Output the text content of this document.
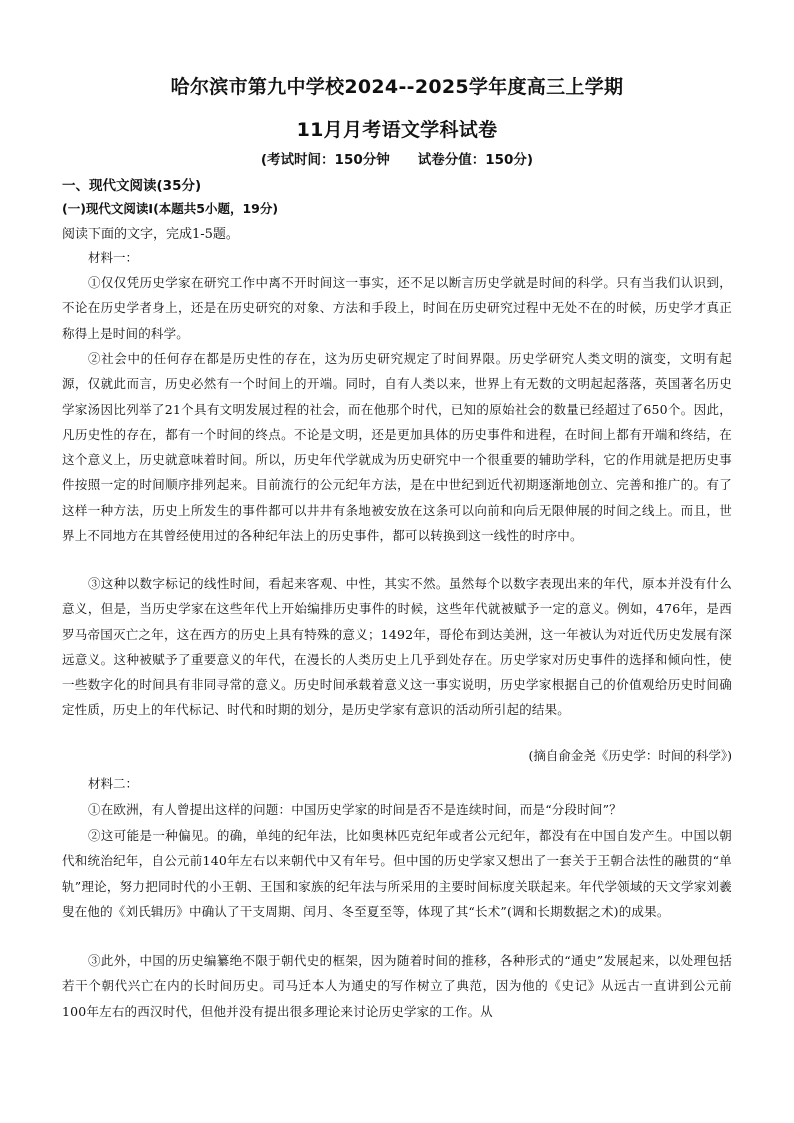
哈尔滨市第九中学校2024--2025学年度高三上学期
11月月考语文学科试卷
(考试时间：150分钟 试卷分值：150分)
一、现代文阅读(35分)
(一)现代文阅读Ⅰ(本题共5小题，19分)
阅读下面的文字，完成1-5题。
材料一：

①仅仅凭历史学家在研究工作中离不开时间这一事实，还不足以断言历史学就是时间的科学。只有当我们认识到，不论在历史学者身上，还是在历史研究的对象、方法和手段上，时间在历史研究过程中无处不在的时候，历史学才真正称得上是时间的科学。

②社会中的任何存在都是历史性的存在，这为历史研究规定了时间界限。历史学研究人类文明的演变，文明有起源，仅就此而言，历史必然有一个时间上的开端。同时，自有人类以来，世界上有无数的文明起起落落，英国著名历史学家汤因比列举了21个具有文明发展过程的社会，而在他那个时代，已知的原始社会的数量已经超过了650个。因此，凡历史性的存在，都有一个时间的终点。不论是文明，还是更加具体的历史事件和进程，在时间上都有开端和终结，在这个意义上，历史就意味着时间。所以，历史年代学就成为历史研究中一个很重要的辅助学科，它的作用就是把历史事件按照一定的时间顺序排列起来。目前流行的公元纪年方法，是在中世纪到近代初期逐渐地创立、完善和推广的。有了这样一种方法，历史上所发生的事件都可以井井有条地被安放在这条可以向前和向后无限伸展的时间之线上。而且，世界上不同地方在其曾经使用过的各种纪年法上的历史事件，都可以转换到这一线性的时序中。

③这种以数字标记的线性时间，看起来客观、中性，其实不然。虽然每个以数字表现出来的年代，原本并没有什么意义，但是，当历史学家在这些年代上开始编排历史事件的时候，这些年代就被赋予一定的意义。例如，476年，是西罗马帝国灭亡之年，这在西方的历史上具有特殊的意义；1492年，哥伦布到达美洲，这一年被认为对近代历史发展有深远意义。这种被赋予了重要意义的年代，在漫长的人类历史上几乎到处存在。历史学家对历史事件的选择和倾向性，使一些数字化的时间具有非同寻常的意义。历史时间承载着意义这一事实说明，历史学家根据自己的价值观给历史时间确定性质，历史上的年代标记、时代和时期的划分，是历史学家有意识的活动所引起的结果。

(摘自俞金尧《历史学：时间的科学》)
材料二：

①在欧洲，有人曾提出这样的问题：中国历史学家的时间是否不是连续时间，而是“分段时间”？

②这可能是一种偏见。的确，单纯的纪年法，比如奥林匹克纪年或者公元纪年，都没有在中国自发产生。中国以朝代和统治纪年，自公元前140年左右以来朝代中又有年号。但中国的历史学家又想出了一套关于王朝合法性的融贯的“单轨”理论，努力把同时代的小王朝、王国和家族的纪年法与所采用的主要时间标度关联起来。年代学领域的天文学家刘羲叟在他的《刘氏辑历》中确认了干支周期、闰月、冬至夏至等，体现了其“长术”(调和长期数据之术)的成果。

③此外，中国的历史编纂绝不限于朝代史的框架，因为随着时间的推移，各种形式的“通史”发展起来，以处理包括若干个朝代兴亡在内的长时间历史。司马迁本人为通史的写作树立了典范，因为他的《史记》从远古一直讲到公元前100年左右的西汉时代，但他并没有提出很多理论来讨论历史学家的工作。从
